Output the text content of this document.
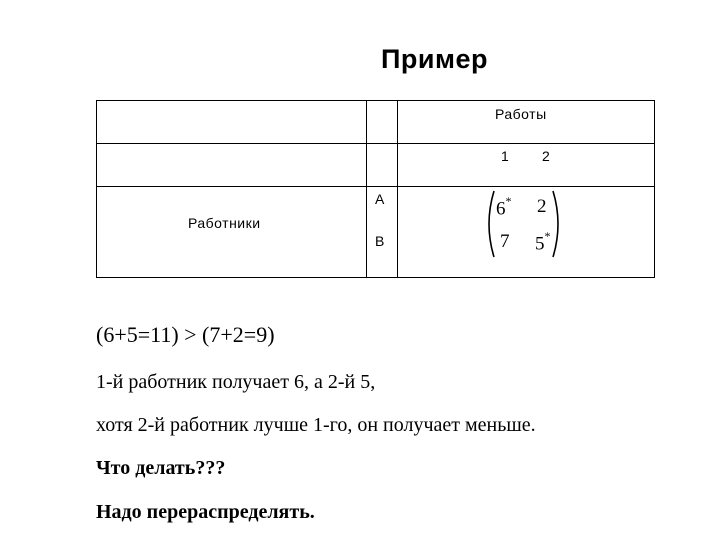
Пример
Работы
1 2
Работники
A
B
6* 2
7 5*
(6+5=11) > (7+2=9)
1-й работник получает 6, а 2-й 5,
хотя 2-й работник лучше 1-го, он получает меньше.
Что делать???
Надо перераспределять.
